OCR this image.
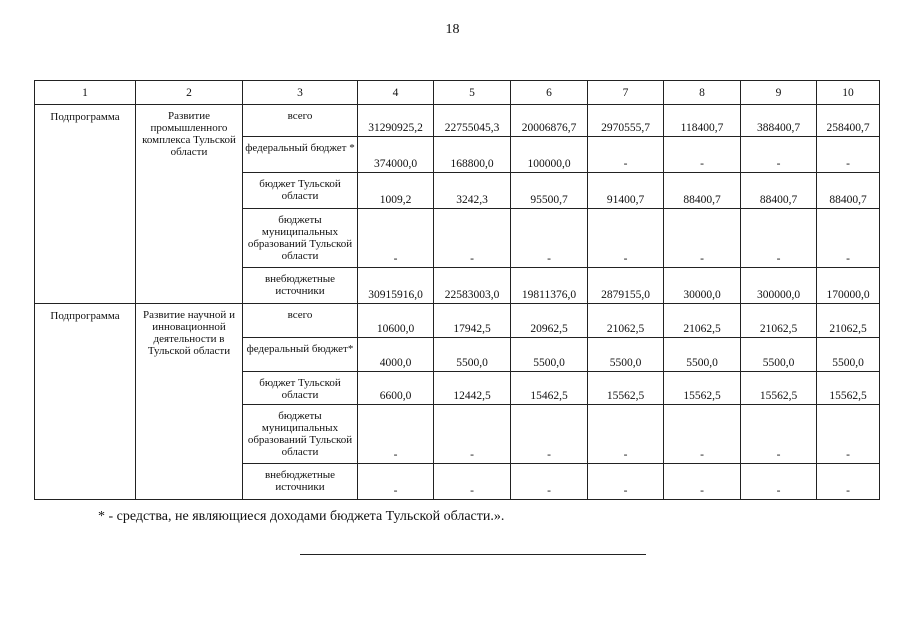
18
1	2	3	4	5	6	7	8	9	10
Подпрограмма	Развитие промышленного комплекса Тульской области	всего	31290925,2	22755045,3	20006876,7	2970555,7	118400,7	388400,7	258400,7
		федеральный бюджет *	374000,0	168800,0	100000,0	-	-	-	-
		бюджет Тульской области	1009,2	3242,3	95500,7	91400,7	88400,7	88400,7	88400,7
		бюджеты муниципальных образований Тульской области	-	-	-	-	-	-	-
		внебюджетные источники	30915916,0	22583003,0	19811376,0	2879155,0	30000,0	300000,0	170000,0
Подпрограмма	Развитие научной и инновационной деятельности в Тульской области	всего	10600,0	17942,5	20962,5	21062,5	21062,5	21062,5	21062,5
		федеральный бюджет*	4000,0	5500,0	5500,0	5500,0	5500,0	5500,0	5500,0
		бюджет Тульской области	6600,0	12442,5	15462,5	15562,5	15562,5	15562,5	15562,5
		бюджеты муниципальных образований Тульской области	-	-	-	-	-	-	-
		внебюджетные источники	-	-	-	-	-	-	-
* - средства, не являющиеся доходами бюджета Тульской области.».
